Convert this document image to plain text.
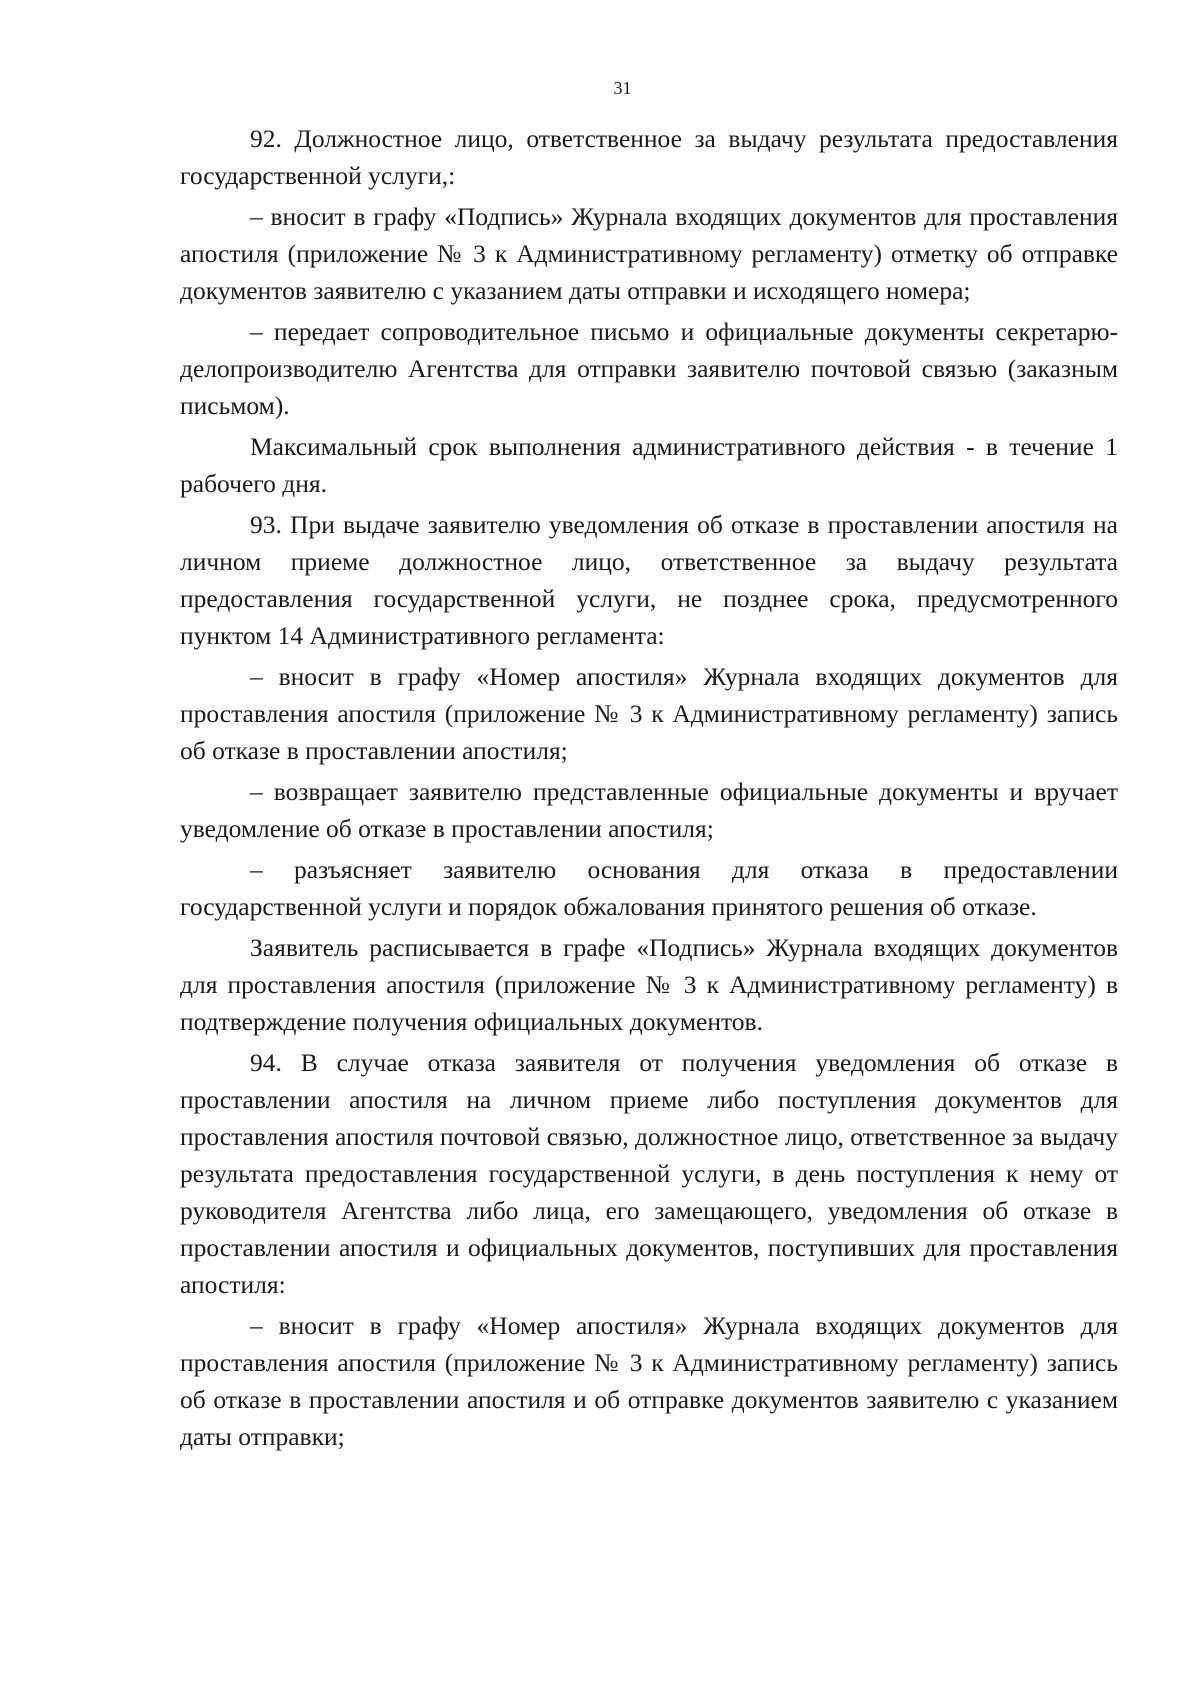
31

92. Должностное лицо, ответственное за выдачу результата предоставления государственной услуги,:

– вносит в графу «Подпись» Журнала входящих документов для проставления апостиля (приложение № 3 к Административному регламенту) отметку об отправке документов заявителю с указанием даты отправки и исходящего номера;

– передает сопроводительное письмо и официальные документы секретарю-делопроизводителю Агентства для отправки заявителю почтовой связью (заказным письмом).

Максимальный срок выполнения административного действия - в течение 1 рабочего дня.

93. При выдаче заявителю уведомления об отказе в проставлении апостиля на личном приеме должностное лицо, ответственное за выдачу результата предоставления государственной услуги, не позднее срока, предусмотренного пунктом 14 Административного регламента:

– вносит в графу «Номер апостиля» Журнала входящих документов для проставления апостиля (приложение № 3 к Административному регламенту) запись об отказе в проставлении апостиля;

– возвращает заявителю представленные официальные документы и вручает уведомление об отказе в проставлении апостиля;

– разъясняет заявителю основания для отказа в предоставлении государственной услуги и порядок обжалования принятого решения об отказе.

Заявитель расписывается в графе «Подпись» Журнала входящих документов для проставления апостиля (приложение № 3 к Административному регламенту) в подтверждение получения официальных документов.

94. В случае отказа заявителя от получения уведомления об отказе в проставлении апостиля на личном приеме либо поступления документов для проставления апостиля почтовой связью, должностное лицо, ответственное за выдачу результата предоставления государственной услуги, в день поступления к нему от руководителя Агентства либо лица, его замещающего, уведомления об отказе в проставлении апостиля и официальных документов, поступивших для проставления апостиля:

– вносит в графу «Номер апостиля» Журнала входящих документов для проставления апостиля (приложение № 3 к Административному регламенту) запись об отказе в проставлении апостиля и об отправке документов заявителю с указанием даты отправки;
